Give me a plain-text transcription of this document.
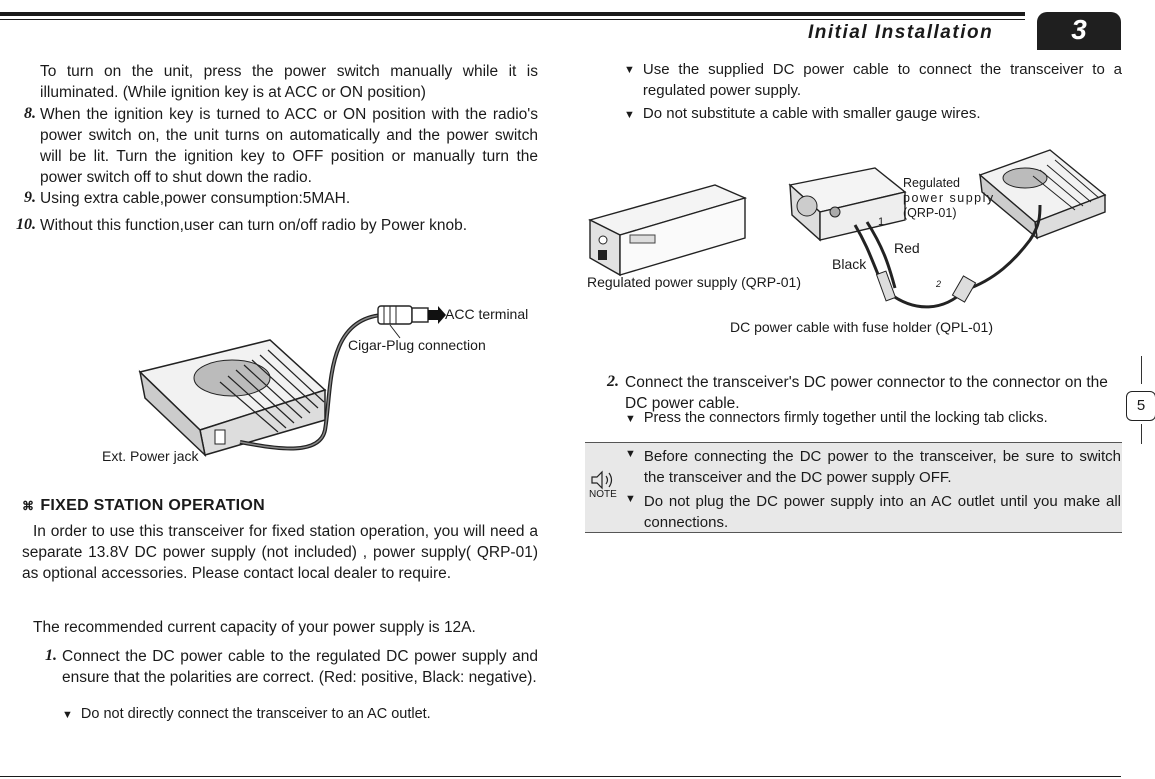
Initial Installation	3
To turn on the unit, press the power switch manually while it is illuminated. (While ignition key is at ACC or ON position)
8. When the ignition key is turned to ACC or ON position with the radio's power switch on, the unit turns on automatically and the power switch will be lit. Turn the ignition key to OFF position or manually turn the power switch off to shut down the radio.
9. Using extra cable,power consumption:5MAH.
10. Without this function,user can turn on/off radio by Power knob.
ACC terminal
Cigar-Plug connection
Ext. Power jack
⌘ FIXED STATION OPERATION
In order to use this transceiver for fixed station operation, you will need a separate 13.8V DC power supply (not included) , power supply( QRP-01) as optional accessories. Please contact local dealer to require.
The recommended current capacity of your power supply is 12A.
1. Connect the DC power cable to the regulated DC power supply and ensure that the polarities are correct. (Red: positive, Black: negative).
▼ Do not directly connect the transceiver to an AC outlet.
▼ Use the supplied DC power cable to connect the transceiver to a regulated power supply.
▼ Do not substitute a cable with smaller gauge wires.
Regulated
power supply
(QRP-01)
1
Red
Black
2
Regulated power supply (QRP-01)
DC power cable with fuse holder (QPL-01)
2. Connect the transceiver's DC power connector to the connector on the DC power cable.
▼ Press the connectors firmly together until the locking tab clicks.
NOTE
▼ Before connecting the DC power to the transceiver, be sure to switch the transceiver and the DC power supply OFF.
▼ Do not plug the DC power supply into an AC outlet until you make all connections.
5
